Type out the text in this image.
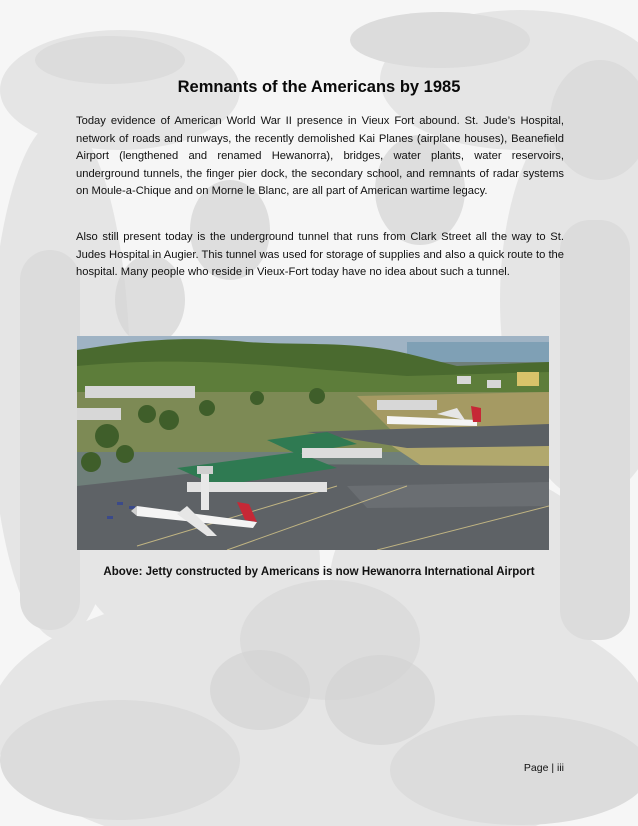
Remnants of the Americans by 1985

Today evidence of American World War II presence in Vieux Fort abound. St. Jude’s Hospital, network of roads and runways, the recently demolished Kai Planes (airplane houses), Beanefield Airport (lengthened and renamed Hewanorra), bridges, water plants, water reservoirs, underground tunnels, the finger pier dock, the secondary school, and remnants of radar systems on Moule-a-Chique and on Morne le Blanc, are all part of American wartime legacy.

Also still present today is the underground tunnel that runs from Clark Street all the way to St. Judes Hospital in Augier. This tunnel was used for storage of supplies and also a quick route to the hospital. Many people who reside in Vieux-Fort today have no idea about such a tunnel.

Above: Jetty constructed by Americans is now Hewanorra International Airport
Page | iii
